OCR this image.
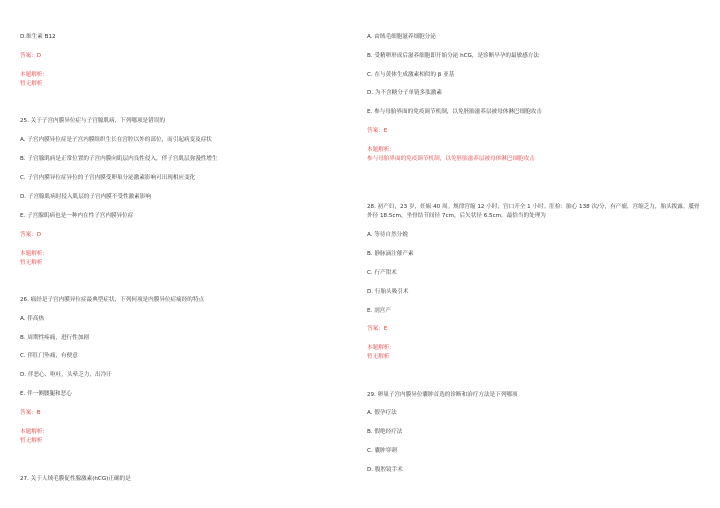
D.维生素 B12
答案：D
本题解析：
暂无解析
25. 关于子宫内膜异位症与子宫腺肌病，下列哪项是错误的
A. 子宫内膜异位症是子宫内膜组织生长在宫腔以外的部位，而引起病变及症状
B. 子宫腺肌病是正常位置的子宫内膜向肌层内良性侵入，伴子宫肌层弥漫性增生
C. 子宫内膜异位症异位的子宫内膜受卵巢分泌激素影响可出现相应变化
D. 子宫腺肌病时侵入肌层的子宫内膜不受性激素影响
E. 子宫腺肌病也是一种内在性子宫内膜异位症
答案：D
本题解析：
暂无解析
26. 痛经是子宫内膜异位症最典型症状，下列何项是内膜异位症痛经的特点
A. 伴高热
B. 周期性疼痛，进行性加剧
C. 伴肛门坠痛，有便意
D. 伴恶心、呕吐，头晕乏力，出冷汗
E. 伴一侧腰腿和恶心
答案：B
本题解析：
暂无解析
27. 关于人绒毛膜促性腺激素(hCG)正确的是
A. 由绒毛细胞滋养细胞分泌
B. 受精卵形成后滋养细胞即开始分泌 hCG，是诊断早孕的最敏感方法
C. 在与黄体生成激素相似的 β 亚基
D. 为不含糖分子单链多肽激素
E. 参与母胎界面的免疫调节机制，以免胚胎滋养层被母体淋巴细胞攻击
答案：E
本题解析：
参与母胎界面的免疫调节机制，以免胚胎滋养层被母体淋巴细胞攻击
28. 初产妇，23 岁，妊娠 40 周。规律宫缩 12 小时，宫口开全 1 小时。肛检：胎心 138 次/分，有产瘤，宫缩乏力，胎头拨露。胝骨外径 18.5cm，坐骨结节间径 7cm，后矢状径 6.5cm。最恰当的处理为
A. 等待自然分娩
B. 静脉滴注催产素
C. 行产钳术
D. 行胎头吸引术
E. 剖宫产
答案：E
本题解析：
暂无解析
29. 卵巢子宫内膜异位囊肿首选的诊断和治疗方法是下列哪项
A. 假孕疗法
B. 假绝经疗法
C. 囊肿穿刺
D. 腹腔镜手术
